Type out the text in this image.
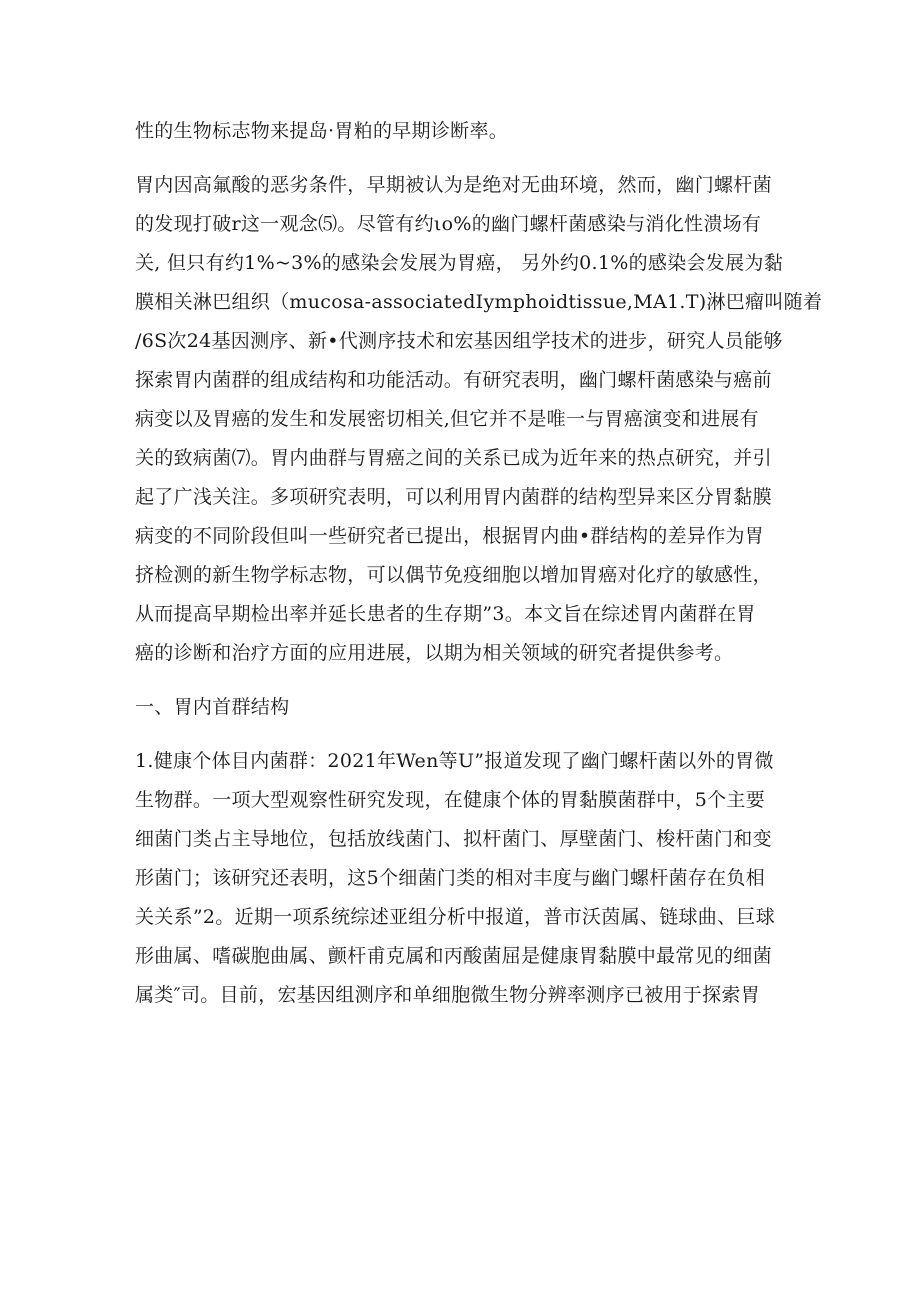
性的生物标志物来提岛·胃粕的早期诊断率。

胃内因高氟酸的恶劣条件，早期被认为是绝对无曲环境，然而，幽门螺杆菌
的发现打破r这一观念⑸。尽管有约ιo%的幽门螺杆菌感染与消化性溃场有
关, 但只有约1%~3%的感染会发展为胃癌， 另外约0.1%的感染会发展为黏
膜相关淋巴组织（mucosa-associatedIymphoidtissue,MA1.T)淋巴瘤叫随着
/6S次24基因测序、新•代测序技术和宏基因组学技术的进步，研究人员能够
探索胃内菌群的组成结构和功能活动。有研究表明，幽门螺杆菌感染与癌前
病变以及胃癌的发生和发展密切相关,但它并不是唯一与胃癌演变和进展有
关的致病菌⑺。胃内曲群与胃癌之间的关系已成为近年来的热点研究，并引
起了广浅关注。多项研究表明，可以利用胃内菌群的结构型异来区分胃黏膜
病变的不同阶段但叫一些研究者已提出，根据胃内曲•群结构的差异作为胃
挤检测的新生物学标志物，可以偶节免疫细胞以增加胃癌对化疗的敏感性，
从而提高早期检出率并延长患者的生存期”3。本文旨在综述胃内菌群在胃
癌的诊断和治疗方面的应用进展，以期为相关领域的研究者提供参考。

一、胃内首群结构

1.健康个体目内菌群：2021年Wen等U”报道发现了幽门螺杆菌以外的胃微
生物群。一项大型观察性研究发现，在健康个体的胃黏膜菌群中，5个主要
细菌门类占主导地位，包括放线菌门、拟杆菌门、厚壁菌门、梭杆菌门和变
形菌门；该研究还表明，这5个细菌门类的相对丰度与幽门螺杆菌存在负相
关关系”2。近期一项系统综述亚组分析中报道，普市沃茵属、链球曲、巨球
形曲属、嗜碳胞曲属、颤杆甫克属和丙酸菌屈是健康胃黏膜中最常见的细菌
属类″司。目前，宏基因组测序和单细胞微生物分辨率测序已被用于探索胃
